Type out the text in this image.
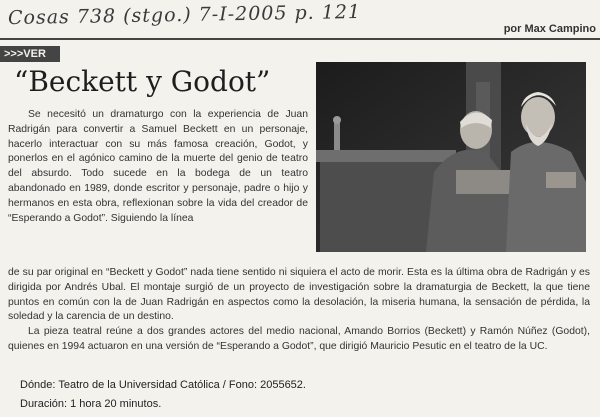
Cosas 738 (stgo.) 7-I-2005 p. 121	por Max Campino
>>>VER
“Beckett y Godot”

Se necesitó un dramaturgo con la experiencia de Juan Radrigán para convertir a Samuel Beckett en un personaje, hacerlo interactuar con su más famosa creación, Godot, y ponerlos en el agónico camino de la muerte del genio de teatro del absurdo. Todo sucede en la bodega de un teatro abandonado en 1989, donde escritor y personaje, padre o hijo y hermanos en esta obra, reflexionan sobre la vida del creador de “Esperando a Godot”. Siguiendo la línea

de su par original en “Beckett y Godot” nada tiene sentido ni siquiera el acto de morir. Esta es la última obra de Radrigán y es dirigida por Andrés Ubal. El montaje surgió de un proyecto de investigación sobre la dramaturgia de Beckett, la que tiene puntos en común con la de Juan Radrigán en aspectos como la desolación, la miseria humana, la sensación de pérdida, la soledad y la carencia de un destino.

La pieza teatral reúne a dos grandes actores del medio nacional, Amando Borrios (Beckett) y Ramón Núñez (Godot), quienes en 1994 actuaron en una versión de “Esperando a Godot”, que dirigió Mauricio Pesutic en el teatro de la UC.

Dónde: Teatro de la Universidad Católica / Fono: 2055652.
Duración: 1 hora 20 minutos.
